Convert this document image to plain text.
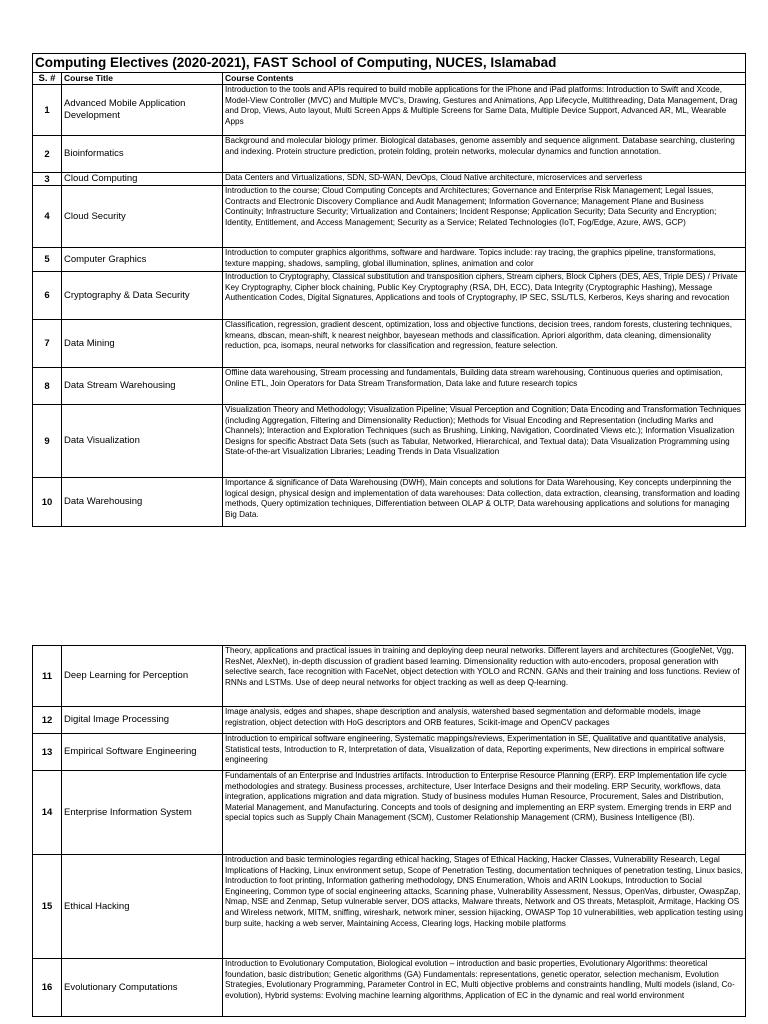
Computing Electives (2020-2021), FAST School of Computing, NUCES, Islamabad		
S. #	Course Title	Course Contents
1	Advanced Mobile Application Development	Introduction to the tools and APIs required to build mobile applications for the iPhone and iPad platforms: Introduction to Swift and Xcode, Model-View Controller (MVC) and Multiple MVC's, Drawing, Gestures and Animations, App Lifecycle, Multithreading, Data Management, Drag and Drop, Views, Auto layout, Multi Screen Apps & Multiple Screens for Same Data, Multiple Device Support, Advanced AR, ML, Wearable Apps
2	Bioinformatics	Background and molecular biology primer. Biological databases, genome assembly and sequence alignment. Database searching, clustering and indexing. Protein structure prediction, protein folding, protein networks, molecular dynamics and function annotation.
3	Cloud Computing	Data Centers and Virtualizations, SDN, SD-WAN, DevOps, Cloud Native architecture, microservices and serverless
4	Cloud Security	Introduction to the course; Cloud Computing Concepts and Architectures; Governance and Enterprise Risk Management; Legal Issues, Contracts and Electronic Discovery Compliance and Audit Management; Information Governance; Management Plane and Business Continuity; Infrastructure Security; Virtualization and Containers; Incident Response; Application Security; Data Security and Encryption; Identity, Entitlement, and Access Management; Security as a Service; Related Technologies (IoT, Fog/Edge, Azure, AWS, GCP)
5	Computer Graphics	Introduction to computer graphics algorithms, software and hardware. Topics include: ray tracing, the graphics pipeline, transformations, texture mapping, shadows, sampling, global illumination, splines, animation and color
6	Cryptography & Data Security	Introduction to Cryptography, Classical substitution and transposition ciphers, Stream ciphers, Block Ciphers (DES, AES, Triple DES) / Private Key Cryptography, Cipher block chaining, Public Key Cryptography (RSA, DH, ECC), Data Integrity (Cryptographic Hashing), Message Authentication Codes, Digital Signatures, Applications and tools of Cryptography, IP SEC, SSL/TLS, Kerberos, Keys sharing and revocation
7	Data Mining	Classification, regression, gradient descent, optimization, loss and objective functions, decision trees, random forests, clustering techniques, kmeans, dbscan, mean-shift, k nearest neighbor, bayesean methods and classification. Apriori algorithm, data cleaning, dimensionality reduction, pca, isomaps, neural networks for classification and regression, feature selection.
8	Data Stream Warehousing	Offline data warehousing, Stream processing and fundamentals, Building data stream warehousing, Continuous queries and optimisation, Online ETL, Join Operators for Data Stream Transformation, Data lake and future research topics
9	Data Visualization	Visualization Theory and Methodology; Visualization Pipeline; Visual Perception and Cognition; Data Encoding and Transformation Techniques (including Aggregation, Filtering and Dimensionality Reduction); Methods for Visual Encoding and Representation (including Marks and Channels); Interaction and Exploration Techniques (such as Brushing, Linking, Navigation, Coordinated Views etc.); Information Visualization Designs for specific Abstract Data Sets (such as Tabular, Networked, Hierarchical, and Textual data); Data Visualization Programming using State-of-the-art Visualization Libraries; Leading Trends in Data Visualization
10	Data Warehousing	Importance & significance of Data Warehousing (DWH), Main concepts and solutions for Data Warehousing, Key concepts underpinning the logical design, physical design and implementation of data warehouses: Data collection, data extraction, cleansing, transformation and loading methods, Query optimization techniques, Differentiation between OLAP & OLTP, Data warehousing applications and solutions for managing Big Data.
11	Deep Learning for Perception	Theory, applications and practical issues in training and deploying deep neural networks. Different layers and architectures (GoogleNet, Vgg, ResNet, AlexNet), in-depth discussion of gradient based learning. Dimensionality reduction with auto-encoders, proposal generation with selective search, face recognition with FaceNet, object detection with YOLO and RCNN. GANs and their training and loss functions. Review of RNNs and LSTMs. Use of deep neural networks for object tracking as well as deep Q-learning.
12	Digital Image Processing	Image analysis, edges and shapes, shape description and analysis, watershed based segmentation and deformable models, image registration, object detection with HoG descriptors and ORB features, Scikit-image and OpenCV packages
13	Empirical Software Engineering	Introduction to empirical software engineering, Systematic mappings/reviews, Experimentation in SE, Qualitative and quantitative analysis, Statistical tests, Introduction to R, Interpretation of data, Visualization of data, Reporting experiments, New directions in empirical software engineering
14	Enterprise Information System	Fundamentals of an Enterprise and Industries artifacts. Introduction to Enterprise Resource Planning (ERP). ERP Implementation life cycle methodologies and strategy. Business processes, architecture, User Interface Designs and their modeling. ERP Security, workflows, data integration, applications migration and data migration. Study of business modules Human Resource, Procurement, Sales and Distribution, Material Management, and Manufacturing. Concepts and tools of designing and implementing an ERP system. Emerging trends in ERP and special topics such as Supply Chain Management (SCM), Customer Relationship Management (CRM), Business Intelligence (BI).
15	Ethical Hacking	Introduction and basic terminologies regarding ethical hacking, Stages of Ethical Hacking, Hacker Classes, Vulnerability Research, Legal Implications of Hacking, Linux environment setup, Scope of Penetration Testing, documentation techniques of penetration testing, Linux basics, Introduction to foot printing, Information gathering methodology, DNS Enumeration, Whois and ARIN Lookups, Introduction to Social Engineering, Common type of social engineering attacks, Scanning phase, Vulnerability Assessment, Nessus, OpenVas, dirbuster, OwaspZap, Nmap, NSE and Zenmap, Setup vulnerable server, DOS attacks, Malware threats, Network and OS threats, Metasploit, Armitage, Hacking OS and Wireless network, MITM, sniffing, wireshark, network miner, session hijacking, OWASP Top 10 vulnerabilities, web application testing using burp suite, hacking a web server, Maintaining Access, Clearing logs, Hacking mobile platforms
16	Evolutionary Computations	Introduction to Evolutionary Computation, Biological evolution – introduction and basic properties, Evolutionary Algorithms: theoretical foundation, basic distribution; Genetic algorithms (GA) Fundamentals: representations, genetic operator, selection mechanism, Evolution Strategies, Evolutionary Programming, Parameter Control in EC, Multi objective problems and constraints handling, Multi models (island, Co-evolution), Hybrid systems: Evolving machine learning algorithms, Application of EC in the dynamic and real world environment
